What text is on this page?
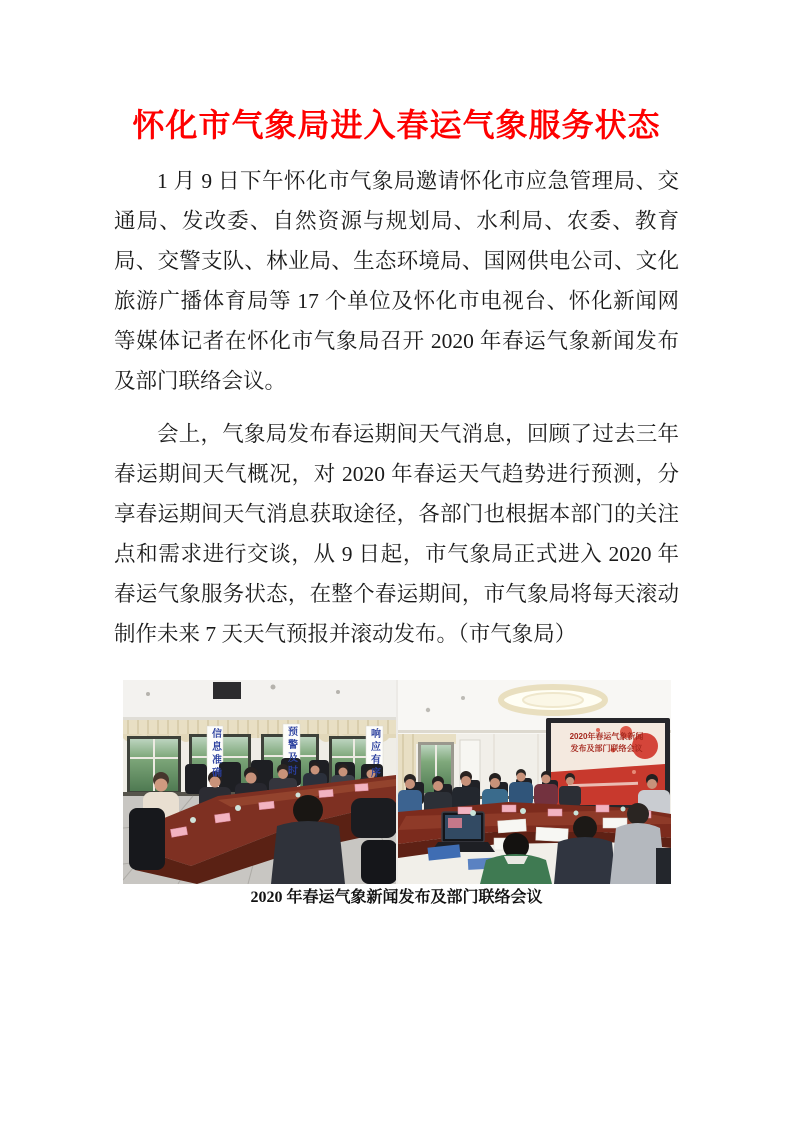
怀化市气象局进入春运气象服务状态

1 月 9 日下午怀化市气象局邀请怀化市应急管理局、交通局、发改委、自然资源与规划局、水利局、农委、教育局、交警支队、林业局、生态环境局、国网供电公司、文化旅游广播体育局等 17 个单位及怀化市电视台、怀化新闻网等媒体记者在怀化市气象局召开 2020 年春运气象新闻发布及部门联络会议。

会上，气象局发布春运期间天气消息，回顾了过去三年春运期间天气概况，对 2020 年春运天气趋势进行预测，分享春运期间天气消息获取途径，各部门也根据本部门的关注点和需求进行交谈，从 9 日起，市气象局正式进入 2020 年春运气象服务状态，在整个春运期间，市气象局将每天滚动制作未来 7 天天气预报并滚动发布。（市气象局）

信息准确	预警及时	响应有序	2020年春运气象新闻
发布及部门联络会议
2020 年春运气象新闻发布及部门联络会议
